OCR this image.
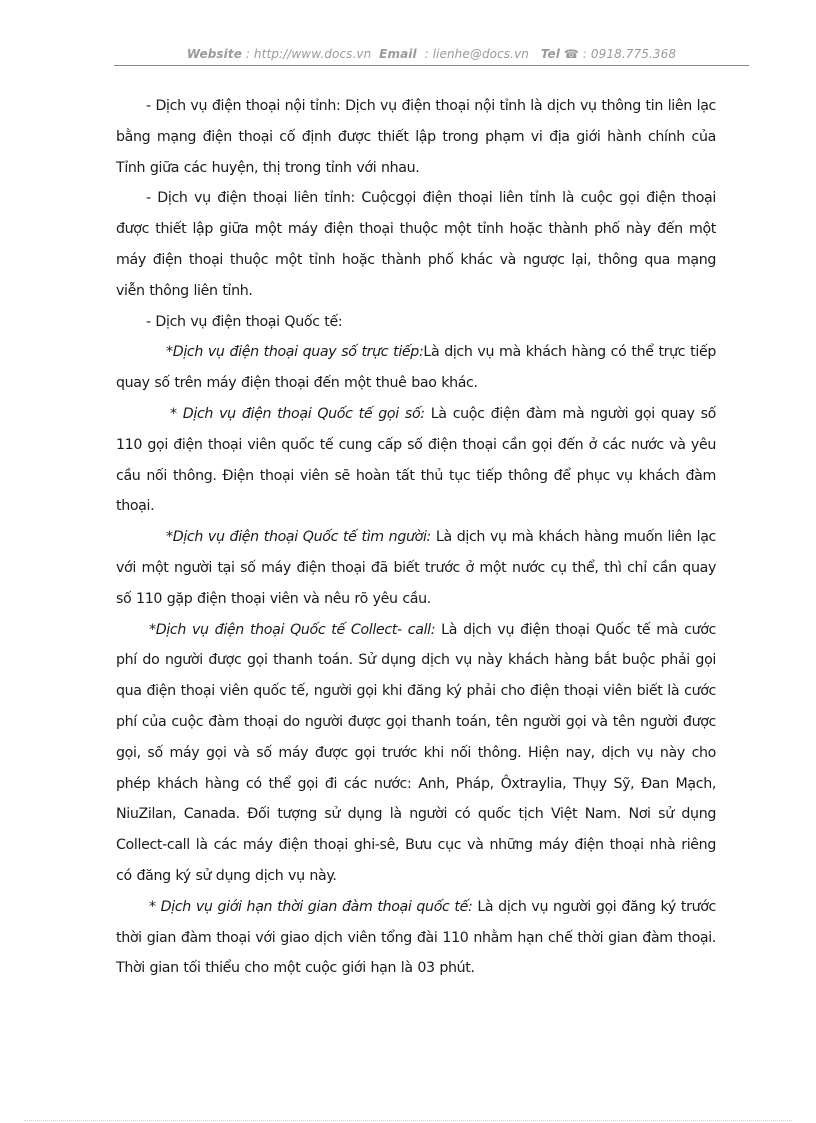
Website : http://www.docs.vn Email : lienhe@docs.vn Tel ☎ : 0918.775.368

- Dịch vụ điện thoại nội tỉnh: Dịch vụ điện thoại nội tỉnh là dịch vụ thông tin liên lạc bằng mạng điện thoại cố định được thiết lập trong phạm vi địa giới hành chính của Tỉnh giữa các huyện, thị trong tỉnh với nhau.

- Dịch vụ điện thoại liên tỉnh: Cuộcgọi điện thoại liên tỉnh là cuộc gọi điện thoại được thiết lập giữa một máy điện thoại thuộc một tỉnh hoặc thành phố này đến một máy điện thoại thuộc một tỉnh hoặc thành phố khác và ngược lại, thông qua mạng viễn thông liên tỉnh.

- Dịch vụ điện thoại Quốc tế:

*Dịch vụ điện thoại quay số trực tiếp:Là dịch vụ mà khách hàng có thể trực tiếp quay số trên máy điện thoại đến một thuê bao khác.

* Dịch vụ điện thoại Quốc tế gọi số: Là cuộc điện đàm mà người gọi quay số 110 gọi điện thoại viên quốc tế cung cấp số điện thoại cần gọi đến ở các nước và yêu cầu nối thông. Điện thoại viên sẽ hoàn tất thủ tục tiếp thông để phục vụ khách đàm thoại.

*Dịch vụ điện thoại Quốc tế tìm người: Là dịch vụ mà khách hàng muốn liên lạc với một người tại số máy điện thoại đã biết trước ở một nước cụ thể, thì chỉ cần quay số 110 gặp điện thoại viên và nêu rõ yêu cầu.

*Dịch vụ điện thoại Quốc tế Collect- call: Là dịch vụ điện thoại Quốc tế mà cước phí do người được gọi thanh toán. Sử dụng dịch vụ này khách hàng bắt buộc phải gọi qua điện thoại viên quốc tế, người gọi khi đăng ký phải cho điện thoại viên biết là cước phí của cuộc đàm thoại do người được gọi thanh toán, tên người gọi và tên người được gọi, số máy gọi và số máy được gọi trước khi nối thông. Hiện nay, dịch vụ này cho phép khách hàng có thể gọi đi các nước: Anh, Pháp, Ôxtraylia, Thụy Sỹ, Đan Mạch, NiuZilan, Canada. Đối tượng sử dụng là người có quốc tịch Việt Nam. Nơi sử dụng Collect-call là các máy điện thoại ghi-sê, Bưu cục và những máy điện thoại nhà riêng có đăng ký sử dụng dịch vụ này.

* Dịch vụ giới hạn thời gian đàm thoại quốc tế: Là dịch vụ người gọi đăng ký trước thời gian đàm thoại với giao dịch viên tổng đài 110 nhằm hạn chế thời gian đàm thoại. Thời gian tối thiểu cho một cuộc giới hạn là 03 phút.
